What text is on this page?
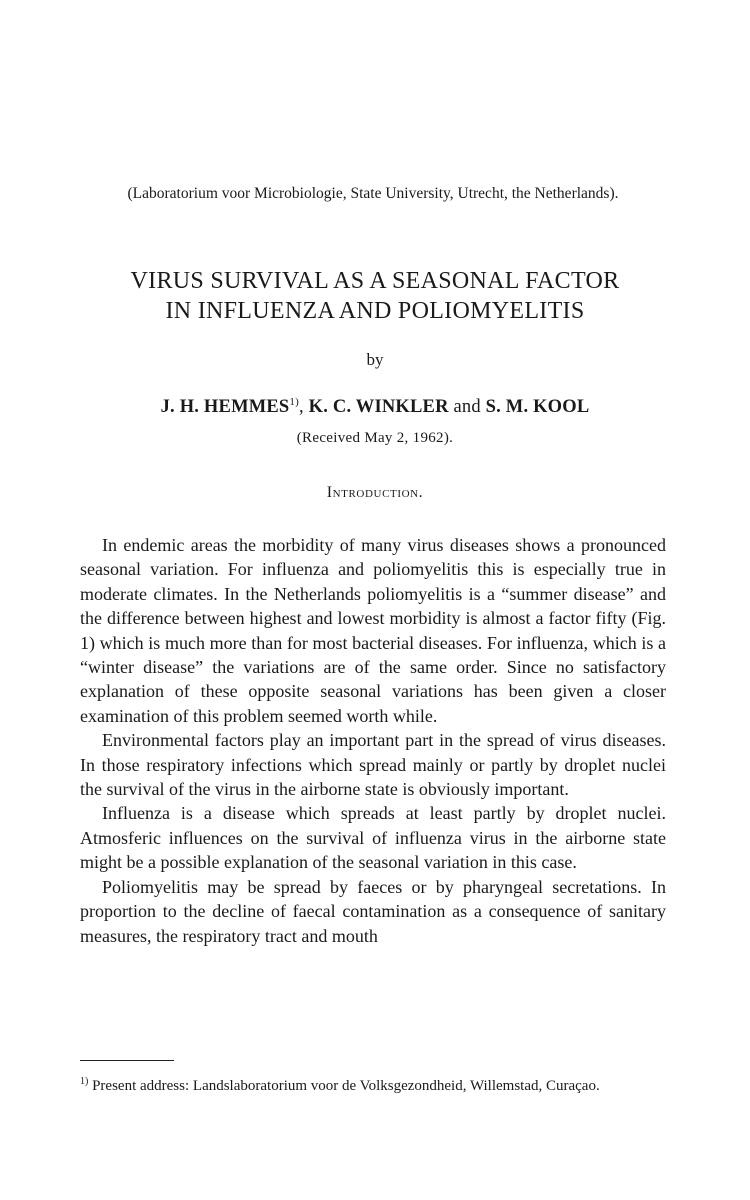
(Laboratorium voor Microbiologie, State University, Utrecht, the Netherlands).
VIRUS SURVIVAL AS A SEASONAL FACTOR
IN INFLUENZA AND POLIOMYELITIS
by
J. H. HEMMES$^{1)}$, K. C. WINKLER and S. M. KOOL
(Received May 2, 1962).
Introduction.

In endemic areas the morbidity of many virus diseases shows a pronounced seasonal variation. For influenza and poliomyelitis this is especially true in moderate climates. In the Netherlands poliomyelitis is a “summer disease” and the difference between highest and lowest morbidity is almost a factor fifty (Fig. 1) which is much more than for most bacterial diseases. For influenza, which is a “winter disease” the variations are of the same order. Since no satisfactory explanation of these opposite seasonal variations has been given a closer examination of this problem seemed worth while.

Environmental factors play an important part in the spread of virus diseases. In those respiratory infections which spread mainly or partly by droplet nuclei the survival of the virus in the airborne state is obviously important.

Influenza is a disease which spreads at least partly by droplet nuclei. Atmosferic influences on the survival of influenza virus in the airborne state might be a possible explanation of the seasonal variation in this case.

Poliomyelitis may be spread by faeces or by pharyngeal secretations. In proportion to the decline of faecal contamination as a consequence of sanitary measures, the respiratory tract and mouth

$^{1)}$ Present address: Landslaboratorium voor de Volksgezondheid, Willemstad, Curaçao.
